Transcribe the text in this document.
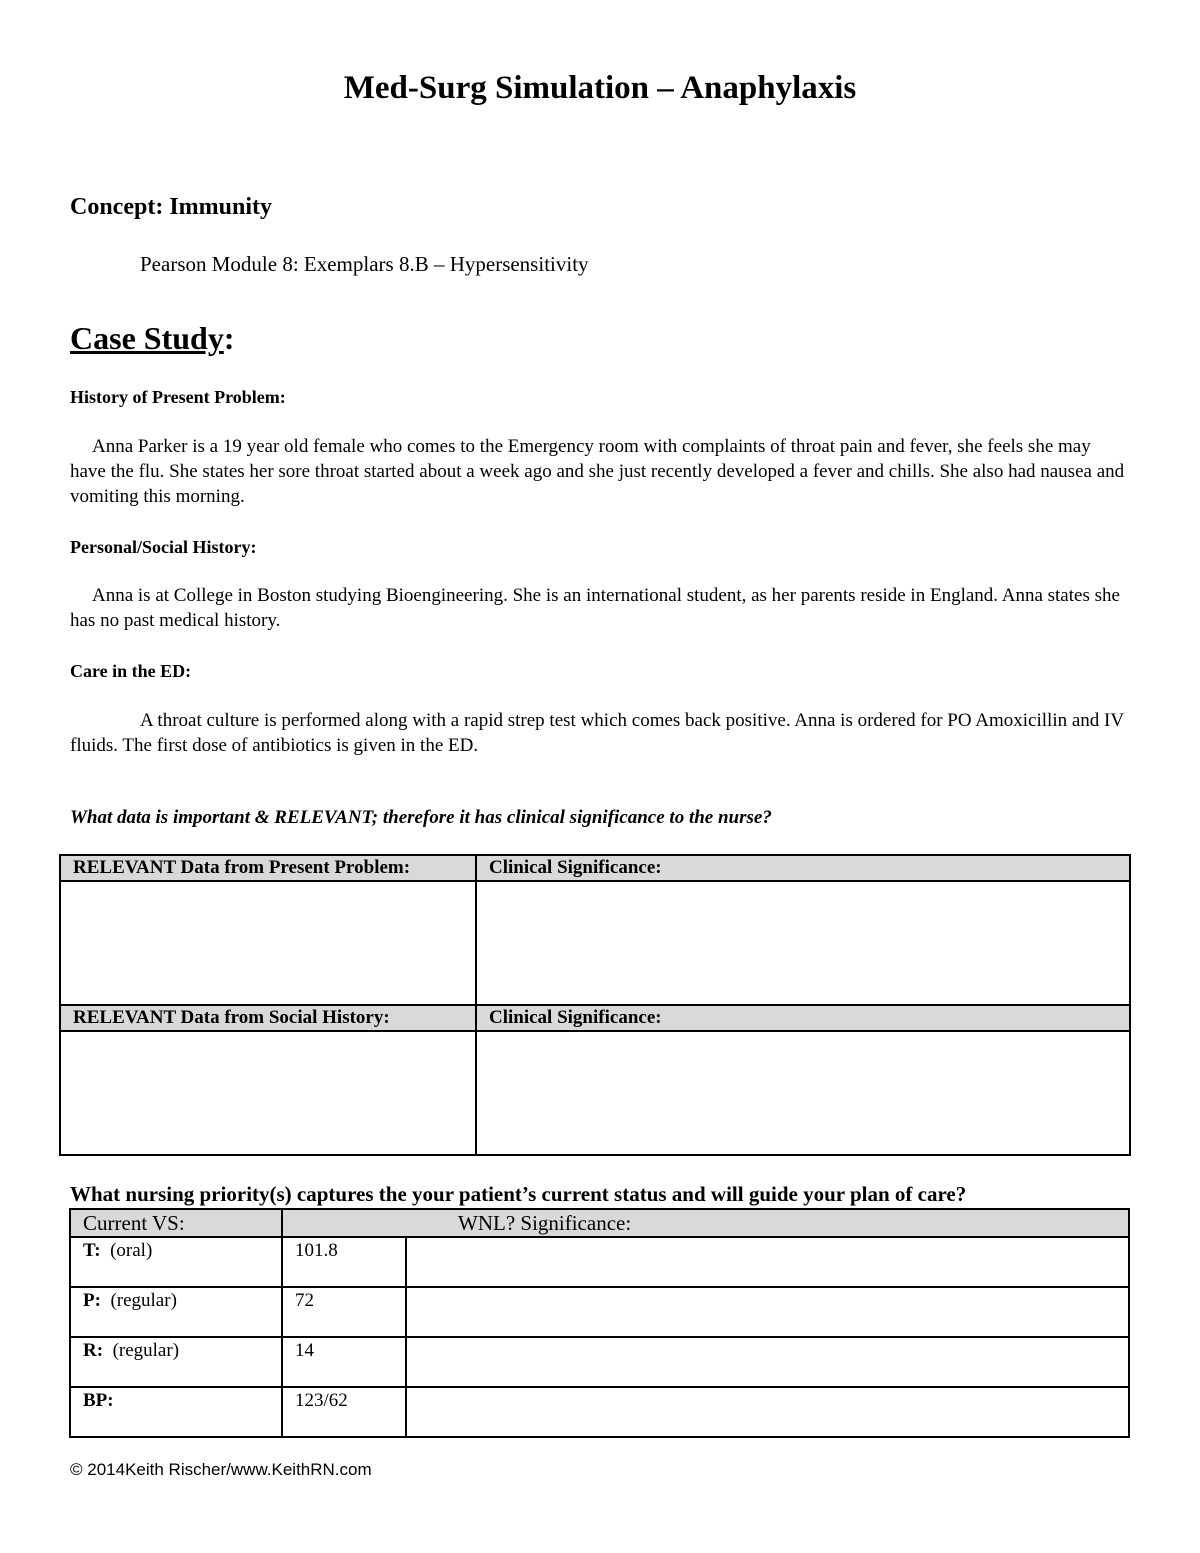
Med-Surg Simulation – Anaphylaxis
Concept: Immunity
Pearson Module 8: Exemplars 8.B – Hypersensitivity
Case Study:
History of Present Problem:
Anna Parker is a 19 year old female who comes to the Emergency room with complaints of throat pain and fever, she feels she may have the flu. She states her sore throat started about a week ago and she just recently developed a fever and chills. She also had nausea and vomiting this morning.
Personal/Social History:
Anna is at College in Boston studying Bioengineering. She is an international student, as her parents reside in England. Anna states she has no past medical history.
Care in the ED:
A throat culture is performed along with a rapid strep test which comes back positive. Anna is ordered for PO Amoxicillin and IV fluids. The first dose of antibiotics is given in the ED.
What data is important & RELEVANT; therefore it has clinical significance to the nurse?
RELEVANT Data from Present Problem:	Clinical Significance:

RELEVANT Data from Social History:	Clinical Significance:

What nursing priority(s) captures the your patient’s current status and will guide your plan of care?
Current VS:	WNL? Significance:	
T: (oral)	101.8	
P: (regular)	72	
R: (regular)	14	
BP:	123/62	
© 2014Keith Rischer/www.KeithRN.com
